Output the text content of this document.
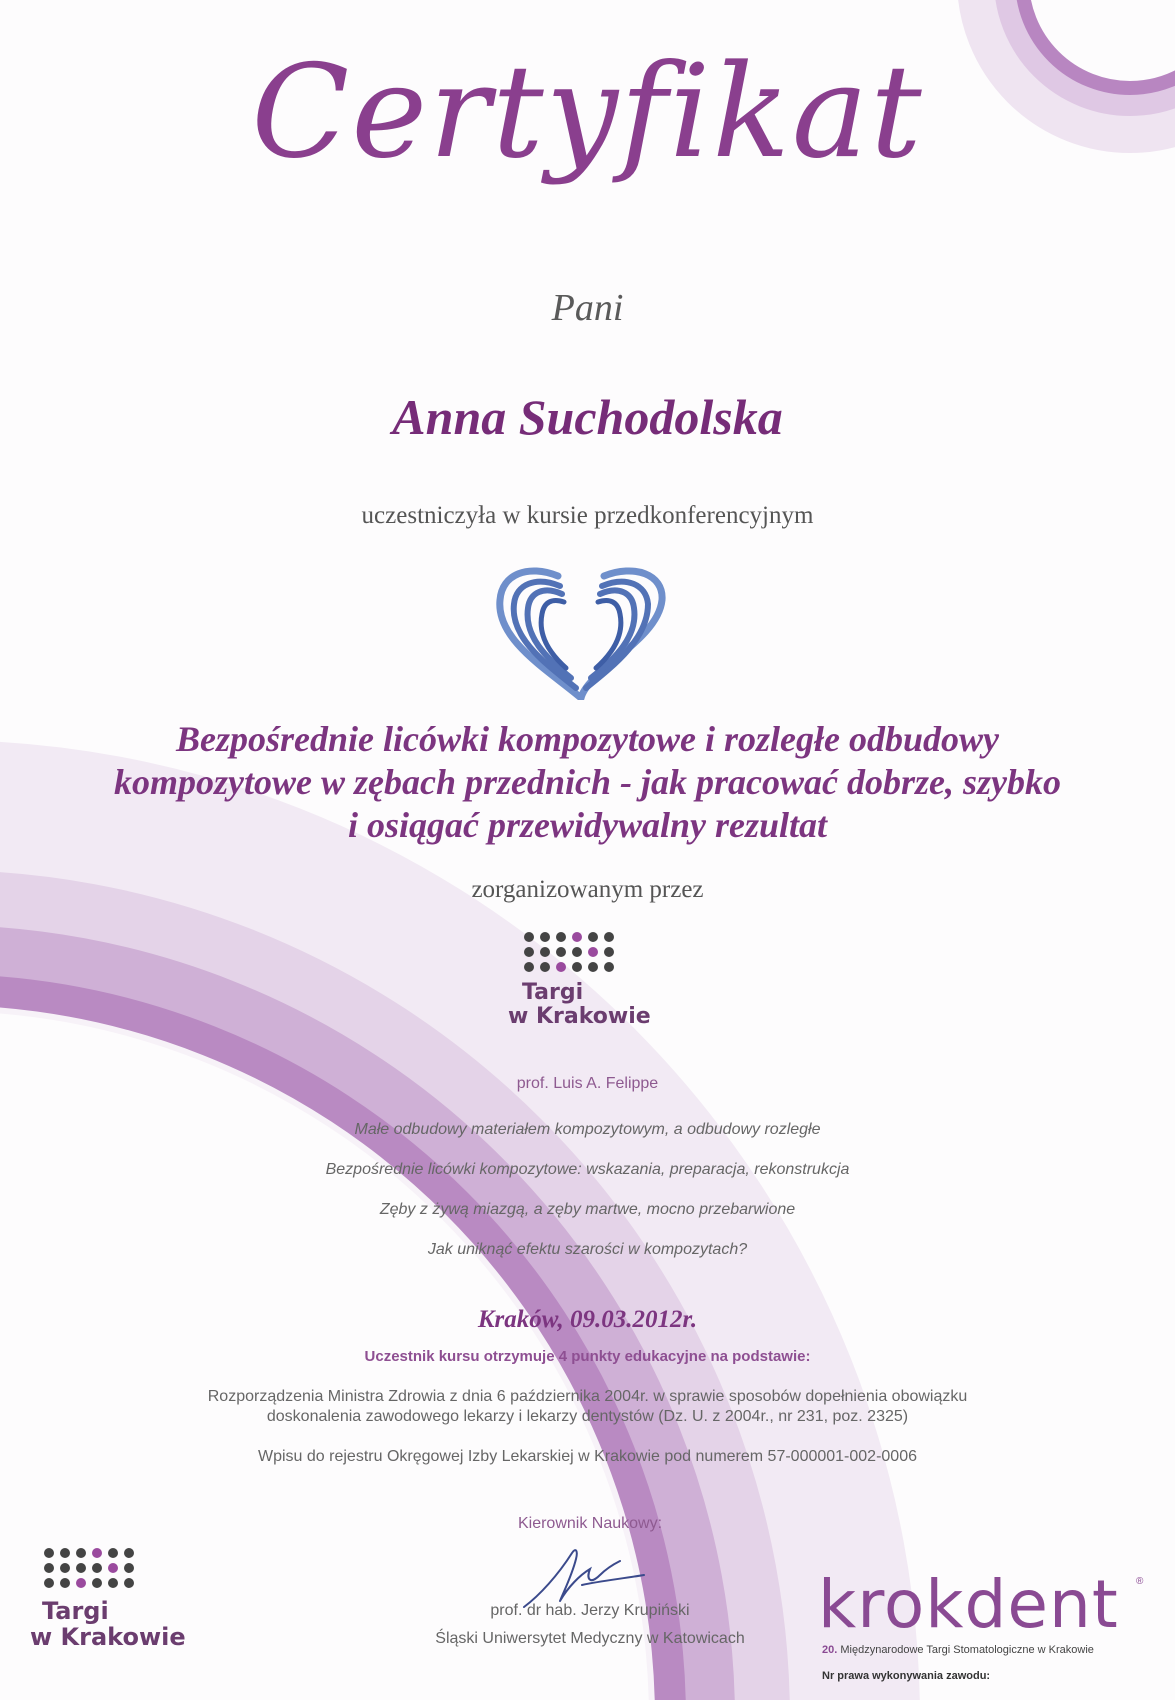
Certyfikat
Pani
Anna Suchodolska
uczestniczyła w kursie przedkonferencyjnym
Bezpośrednie licówki kompozytowe i rozległe odbudowy
kompozytowe w zębach przednich - jak pracować dobrze, szybko
i osiągać przewidywalny rezultat
zorganizowanym przez
Targi
w Krakowie
prof. Luis A. Felippe
Małe odbudowy materiałem kompozytowym, a odbudowy rozległe
Bezpośrednie licówki kompozytowe: wskazania, preparacja, rekonstrukcja
Zęby z żywą miazgą, a zęby martwe, mocno przebarwione
Jak uniknąć efektu szarości w kompozytach?
Kraków, 09.03.2012r.
Uczestnik kursu otrzymuje 4 punkty edukacyjne na podstawie:
Rozporządzenia Ministra Zdrowia z dnia 6 października 2004r. w sprawie sposobów dopełnienia obowiązku
doskonalenia zawodowego lekarzy i lekarzy dentystów (Dz. U. z 2004r., nr 231, poz. 2325)
Wpisu do rejestru Okręgowej Izby Lekarskiej w Krakowie pod numerem 57-000001-002-0006
Kierownik Naukowy:
prof. dr hab. Jerzy Krupiński
Śląski Uniwersytet Medyczny w Katowicach
Targi
w Krakowie	krokdent ®
20. Międzynarodowe Targi Stomatologiczne w Krakowie
Nr prawa wykonywania zawodu:
